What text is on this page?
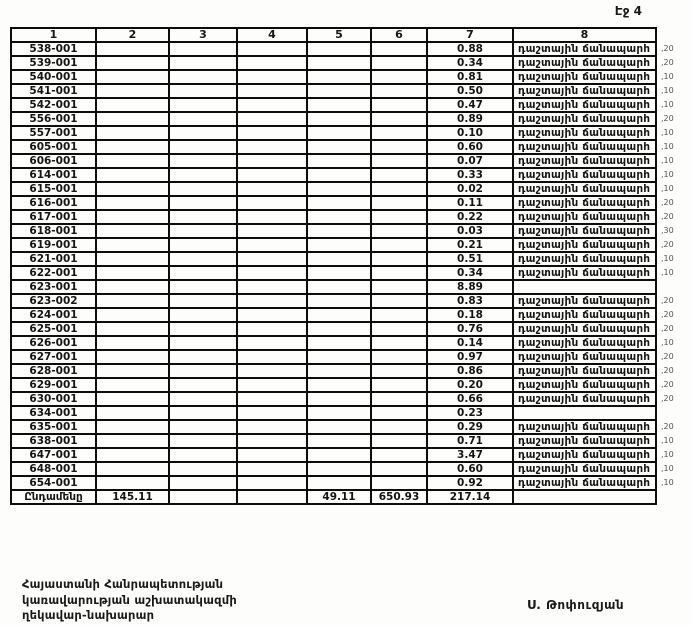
Էջ 4
1	2	3	4	5	6	7	8	
538-001						0.88	դաշտային ճանապարհ	,20
539-001						0.34	դաշտային ճանապարհ	,20
540-001						0.81	դաշտային ճանապարհ	,10
541-001						0.50	դաշտային ճանապարհ	,10
542-001						0.47	դաշտային ճանապարհ	,10
556-001						0.89	դաշտային ճանապարհ	,20
557-001						0.10	դաշտային ճանապարհ	,10
605-001						0.60	դաշտային ճանապարհ	,10
606-001						0.07	դաշտային ճանապարհ	,10
614-001						0.33	դաշտային ճանապարհ	,10
615-001						0.02	դաշտային ճանապարհ	,10
616-001						0.11	դաշտային ճանապարհ	,20
617-001						0.22	դաշտային ճանապարհ	,20
618-001						0.03	դաշտային ճանապարհ	,30
619-001						0.21	դաշտային ճանապարհ	,20
621-001						0.51	դաշտային ճանապարհ	,10
622-001						0.34	դաշտային ճանապարհ	,10
623-001						8.89		
623-002						0.83	դաշտային ճանապարհ	,20
624-001						0.18	դաշտային ճանապարհ	,20
625-001						0.76	դաշտային ճանապարհ	,20
626-001						0.14	դաշտային ճանապարհ	,10
627-001						0.97	դաշտային ճանապարհ	,20
628-001						0.86	դաշտային ճանապարհ	,20
629-001						0.20	դաշտային ճանապարհ	,20
630-001						0.66	դաշտային ճանապարհ	,20
634-001						0.23		
635-001						0.29	դաշտային ճանապարհ	,20
638-001						0.71	դաշտային ճանապարհ	,10
647-001						3.47	դաշտային ճանապարհ	,10
648-001						0.60	դաշտային ճանապարհ	,10
654-001						0.92	դաշտային ճանապարհ	,10
Ընդամենը	145.11			49.11	650.93	217.14		
Հայաստանի Հանրապետության
կառավարության աշխատակազմի
ղեկավար-նախարար
Ս. Թոփուզյան
